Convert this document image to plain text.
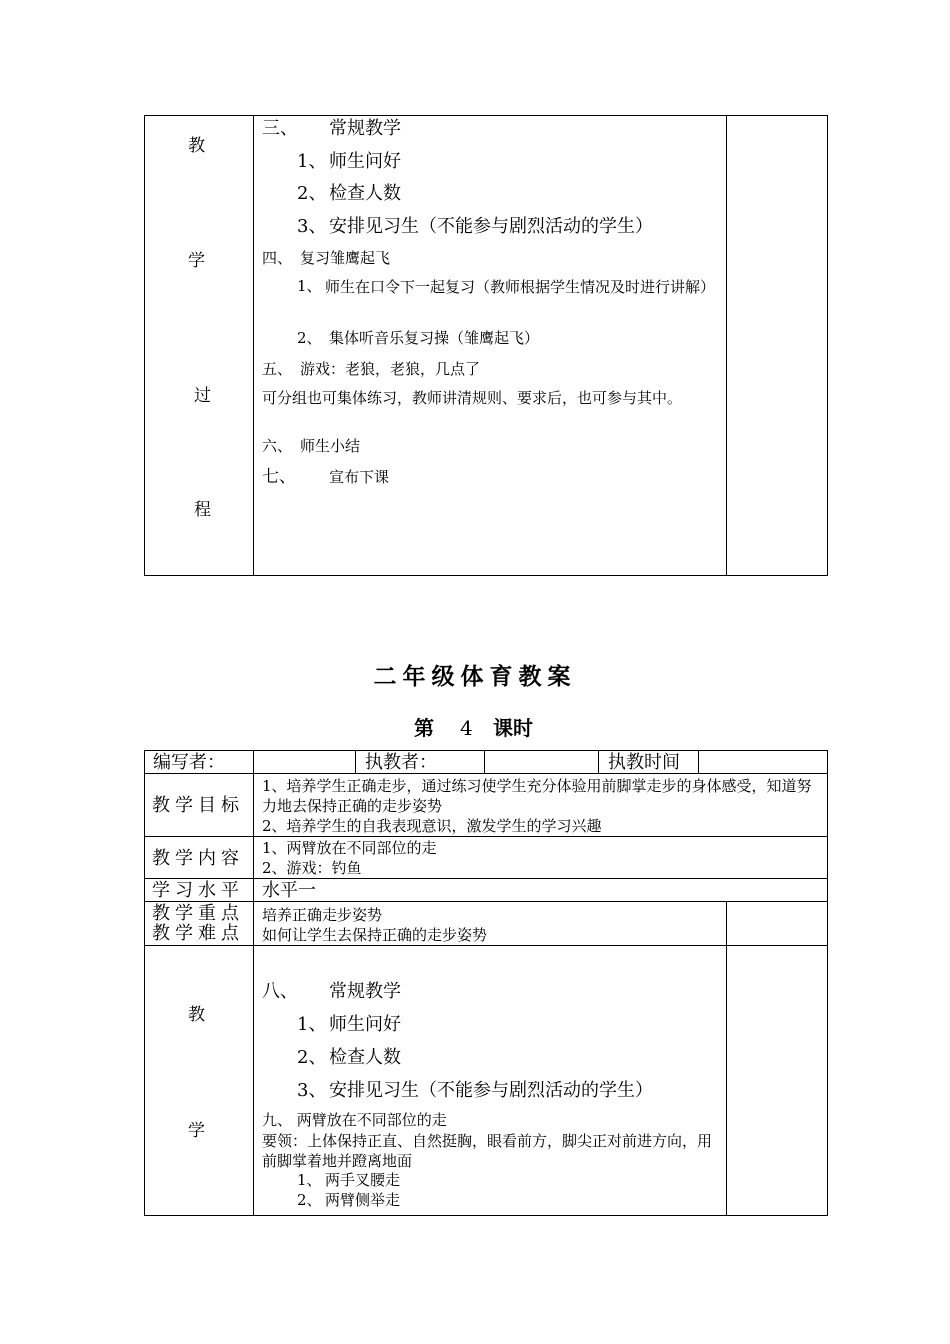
教
学
过
程
三、 常规教学
1、 师生问好
2、 检查人数
3、 安排见习生（不能参与剧烈活动的学生）
四、 复习雏鹰起飞
1、 师生在口令下一起复习（教师根据学生情况及时进行讲解）
2、 集体听音乐复习操（雏鹰起飞）
五、 游戏：老狼，老狼，几点了
可分组也可集体练习，教师讲清规则、要求后，也可参与其中。
六、 师生小结
七、 宣布下课
二年级体育教案
第 4 课时
编写者：	执教者：	执教时间
教学目标
1、培养学生正确走步，通过练习使学生充分体验用前脚掌走步的身体感受，知道努力地去保持正确的走步姿势
2、培养学生的自我表现意识，激发学生的学习兴趣
教学内容 1、两臂放在不同部位的走
2、游戏：钓鱼
学习水平 水平一
教学重点
教学难点
培养正确走步姿势
如何让学生去保持正确的走步姿势
教
学
八、 常规教学
1、 师生问好
2、 检查人数
3、 安排见习生（不能参与剧烈活动的学生）
九、 两臂放在不同部位的走
要领：上体保持正直、自然挺胸，眼看前方，脚尖正对前进方向，用前脚掌着地并蹬离地面
1、 两手叉腰走
2、 两臂侧举走
